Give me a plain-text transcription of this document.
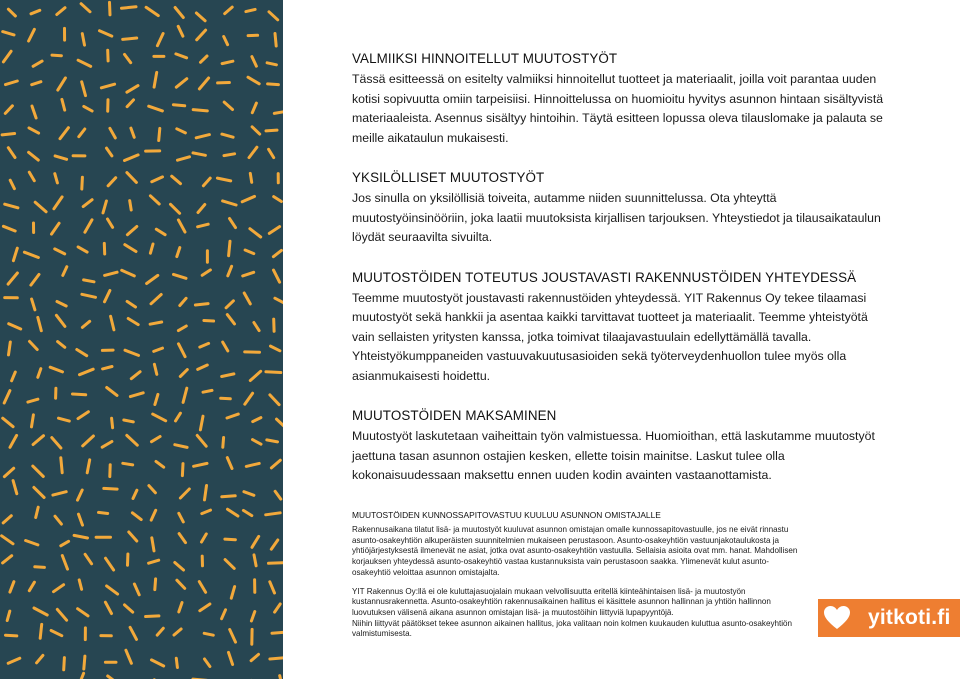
VALMIIKSI HINNOITELLUT MUUTOSTYÖT

Tässä esitteessä on esitelty valmiiksi hinnoitellut tuotteet ja materiaalit, joilla voit parantaa uuden kotisi sopivuutta omiin tarpeisiisi. Hinnoittelussa on huomioitu hyvitys asunnon hintaan sisältyvistä materiaaleista. Asennus sisältyy hintoihin. Täytä esitteen lopussa oleva tilauslomake ja palauta se meille aikataulun mukaisesti.

YKSILÖLLISET MUUTOSTYÖT

Jos sinulla on yksilöllisiä toiveita, autamme niiden suunnittelussa. Ota yhteyttä muutostyöinsinööriin, joka laatii muutoksista kirjallisen tarjouksen. Yhteystiedot ja tilausaikataulun löydät seuraavilta sivuilta.

MUUTOSTÖIDEN TOTEUTUS JOUSTAVASTI RAKENNUSTÖIDEN YHTEYDESSÄ

Teemme muutostyöt joustavasti rakennustöiden yhteydessä. YIT Rakennus Oy tekee tilaamasi muutostyöt sekä hankkii ja asentaa kaikki tarvittavat tuotteet ja materiaalit. Teemme yhteistyötä vain sellaisten yritysten kanssa, jotka toimivat tilaajavastuulain edellyttämällä tavalla. Yhteistyökumppaneiden vastuuvakuutusasioiden sekä työterveydenhuollon tulee myös olla asianmukaisesti hoidettu.

MUUTOSTÖIDEN MAKSAMINEN

Muutostyöt laskutetaan vaiheittain työn valmistuessa. Huomioithan, että laskutamme muutostyöt jaettuna tasan asunnon ostajien kesken, ellette toisin mainitse. Laskut tulee olla kokonaisuudessaan maksettu ennen uuden kodin avainten vastaanottamista.

MUUTOSTÖIDEN KUNNOSSAPITOVASTUU KUULUU ASUNNON OMISTAJALLE

Rakennusaikana tilatut lisä- ja muutostyöt kuuluvat asunnon omistajan omalle kunnossapitovastuulle, jos ne eivät rinnastu asunto-osakeyhtiön alkuperäisten suunnitelmien mukaiseen perustasoon. Asunto-osakeyhtiön vastuunjakotaulukosta ja yhtiöjärjestyksestä ilmenevät ne asiat, jotka ovat asunto-osakeyhtiön vastuulla. Sellaisia asioita ovat mm. hanat. Mahdollisen korjauksen yhteydessä asunto-osakeyhtiö vastaa kustannuksista vain perustasoon saakka. Ylimenevät kulut asunto-osakeyhtiö veloittaa asunnon omistajalta.

YIT Rakennus Oy:llä ei ole kuluttajasuojalain mukaan velvollisuutta eritellä kiinteähintaisen lisä- ja muutostyön kustannusrakennetta. Asunto-osakeyhtiön rakennusaikainen hallitus ei käsittele asunnon hallinnan ja yhtiön hallinnon luovutuksen välisenä aikana asunnon omistajan lisä- ja muutostöihin liittyviä lupapyyntöjä.

Niihin liittyvät päätökset tekee asunnon aikainen hallitus, joka valitaan noin kolmen kuukauden kuluttua asunto-osakeyhtiön valmistumisesta.

yitkoti.fi
